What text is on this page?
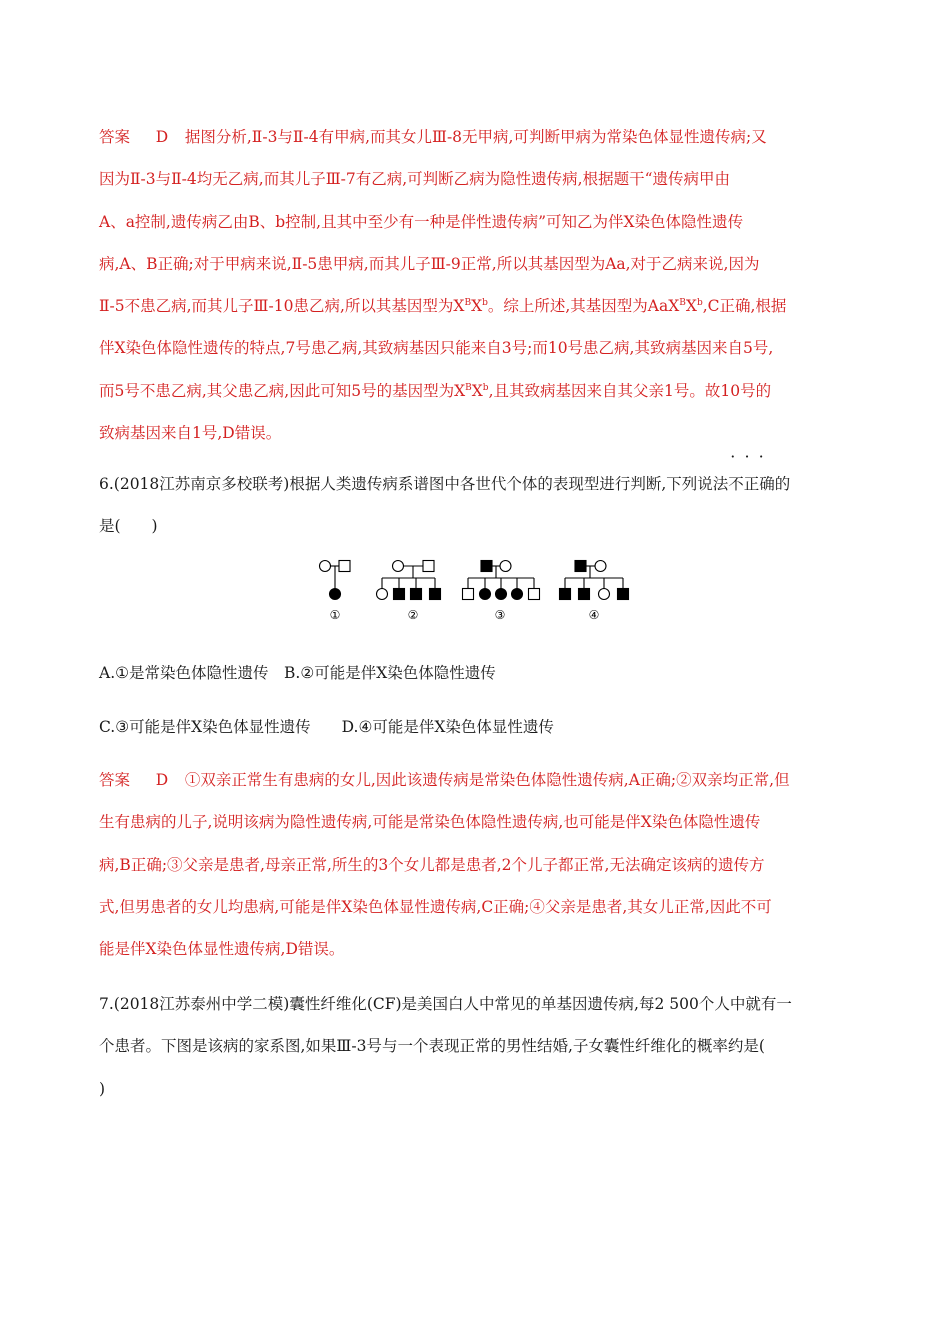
答案 D 据图分析,Ⅱ-3与Ⅱ-4有甲病,而其女儿Ⅲ-8无甲病,可判断甲病为常染色体显性遗传病;又
因为Ⅱ-3与Ⅱ-4均无乙病,而其儿子Ⅲ-7有乙病,可判断乙病为隐性遗传病,根据题干“遗传病甲由
A、a控制,遗传病乙由B、b控制,且其中至少有一种是伴性遗传病”可知乙为伴X染色体隐性遗传
病,A、B正确;对于甲病来说,Ⅱ-5患甲病,而其儿子Ⅲ-9正常,所以其基因型为Aa,对于乙病来说,因为
Ⅱ-5不患乙病,而其儿子Ⅲ-10患乙病,所以其基因型为$X^BX^b$。综上所述,其基因型为$AaX^BX^b,C$正确,根据
伴X染色体隐性遗传的特点,7号患乙病,其致病基因只能来自3号;而10号患乙病,其致病基因来自5号,
而5号不患乙病,其父患乙病,因此可知5号的基因型为$X^BX^b$,且其致病基因来自其父亲1号。故10号的
致病基因来自1号,D错误。
6.(2018江苏南京多校联考)根据人类遗传病系谱图中各世代个体的表现型进行判断,下列说法· · · 不正确的
是(　　)
①	②	③	④
A.①是常染色体隐性遗传　B.②可能是伴X染色体隐性遗传
C.③可能是伴X染色体显性遗传　　D.④可能是伴X染色体显性遗传
答案 D ①双亲正常生有患病的女儿,因此该遗传病是常染色体隐性遗传病,A正确;②双亲均正常,但
生有患病的儿子,说明该病为隐性遗传病,可能是常染色体隐性遗传病,也可能是伴X染色体隐性遗传
病,B正确;③父亲是患者,母亲正常,所生的3个女儿都是患者,2个儿子都正常,无法确定该病的遗传方
式,但男患者的女儿均患病,可能是伴X染色体显性遗传病,C正确;④父亲是患者,其女儿正常,因此不可
能是伴X染色体显性遗传病,D错误。
7.(2018江苏泰州中学二模)囊性纤维化(CF)是美国白人中常见的单基因遗传病,每2 500个人中就有一
个患者。下图是该病的家系图,如果Ⅲ-3号与一个表现正常的男性结婚,子女囊性纤维化的概率约是(
)
